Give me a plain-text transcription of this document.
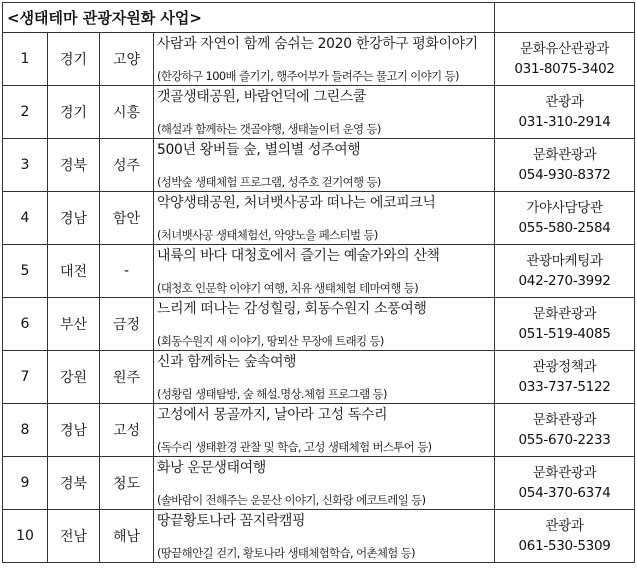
<생태테마 관광자원화 사업>				
1	경기	고양	사람과 자연이 함께 숨쉬는 2020 한강하구 평화이야기(한강하구 100배 즐기기, 행주어부가 들려주는 물고기 이야기 등)	문화유산관광과
031-8075-3402

2	경기	시흥	갯골생태공원, 바람언덕에 그린스쿨(해설과 함께하는 갯골야행, 생태놀이터 운영 등)	관광과
031-310-2914

3	경북	성주	500년 왕버들 숲, 별의별 성주여행(성박숲 생태체험 프로그램, 성주호 걷기여행 등)	문화관광과
054-930-8372

4	경남	함안	악양생태공원, 처녀뱃사공과 떠나는 에코피크닉(처녀뱃사공 생태체험선, 악양노을 페스티벌 등)	가야사담당관
055-580-2584

5	대전	-	내륙의 바다 대청호에서 즐기는 예술가와의 산책(대청호 인문학 이야기 여행, 치유 생태체험 테마여행 등)	관광마케팅과
042-270-3992

6	부산	금정	느리게 떠나는 감성힐링, 회동수원지 소풍여행(회동수원지 새 이야기, 땅뫼산 무장애 트래킹 등)	문화관광과
051-519-4085

7	강원	원주	신과 함께하는 숲속여행(성황림 생태탐방, 숲 해설.명상.체험 프로그램 등)	관광정책과
033-737-5122

8	경남	고성	고성에서 몽골까지, 날아라 고성 독수리(독수리 생태환경 관찰 및 학습, 고성 생태체험 버스투어 등)	문화관광과
055-670-2233

9	경북	청도	화낭 운문생태여행(솔바람이 전해주는 운문산 이야기, 신화랑 에코트레일 등)	문화관광과
054-370-6374

10	전남	해남	땅끝황토나라 꼼지락캠핑(땅끝해안길 걷기, 황토나라 생태체험학습, 어촌체험 등)	관광과
061-530-5309
